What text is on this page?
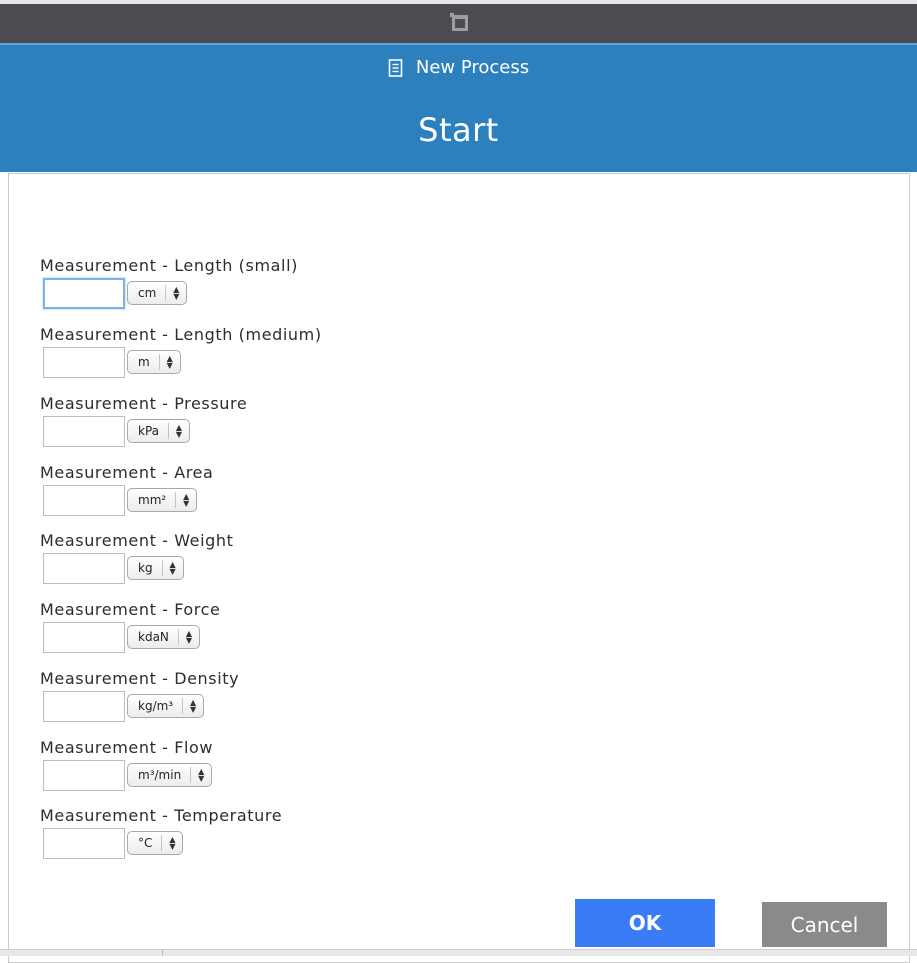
New Process
Start
Measurement - Length (small)
cm	▲
▼
Measurement - Length (medium)
m	▲
▼
Measurement - Pressure
kPa	▲
▼
Measurement - Area
mm²	▲
▼
Measurement - Weight
kg	▲
▼
Measurement - Force
kdaN	▲
▼
Measurement - Density
kg/m³	▲
▼
Measurement - Flow
m³/min	▲
▼
Measurement - Temperature
°C	▲
▼
OK	Cancel
